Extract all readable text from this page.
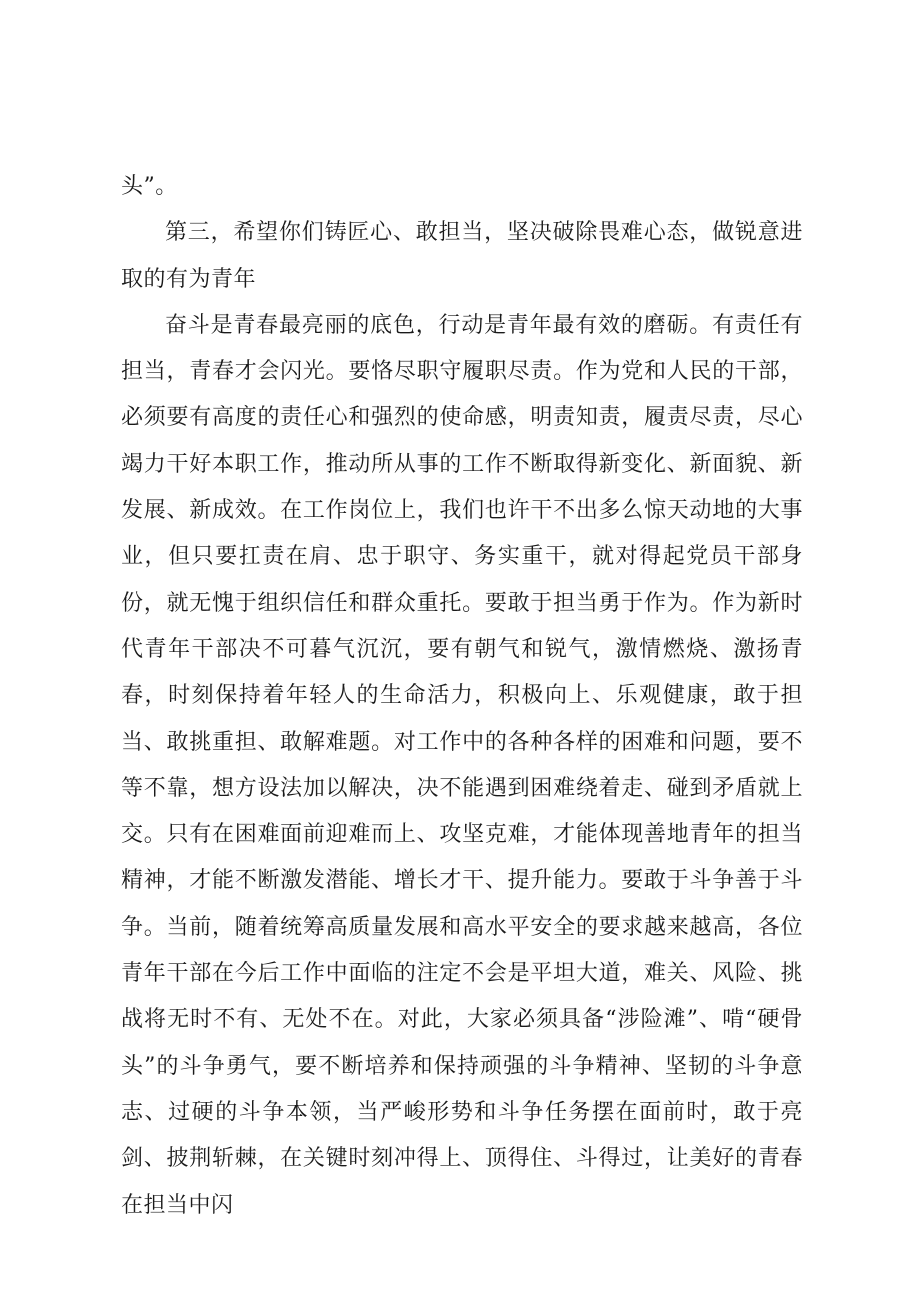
头”。

第三，希望你们铸匠心、敢担当，坚决破除畏难心态，做锐意进取的有为青年

奋斗是青春最亮丽的底色，行动是青年最有效的磨砺。有责任有担当，青春才会闪光。要恪尽职守履职尽责。作为党和人民的干部，必须要有高度的责任心和强烈的使命感，明责知责，履责尽责，尽心竭力干好本职工作，推动所从事的工作不断取得新变化、新面貌、新发展、新成效。在工作岗位上，我们也许干不出多么惊天动地的大事业，但只要扛责在肩、忠于职守、务实重干，就对得起党员干部身份，就无愧于组织信任和群众重托。要敢于担当勇于作为。作为新时代青年干部决不可暮气沉沉，要有朝气和锐气，激情燃烧、激扬青春，时刻保持着年轻人的生命活力，积极向上、乐观健康，敢于担当、敢挑重担、敢解难题。对工作中的各种各样的困难和问题，要不等不靠，想方设法加以解决，决不能遇到困难绕着走、碰到矛盾就上交。只有在困难面前迎难而上、攻坚克难，才能体现善地青年的担当精神，才能不断激发潜能、增长才干、提升能力。要敢于斗争善于斗争。当前，随着统筹高质量发展和高水平安全的要求越来越高，各位青年干部在今后工作中面临的注定不会是平坦大道，难关、风险、挑战将无时不有、无处不在。对此，大家必须具备“涉险滩”、啃“硬骨头”的斗争勇气，要不断培养和保持顽强的斗争精神、坚韧的斗争意志、过硬的斗争本领，当严峻形势和斗争任务摆在面前时，敢于亮剑、披荆斩棘，在关键时刻冲得上、顶得住、斗得过，让美好的青春在担当中闪
